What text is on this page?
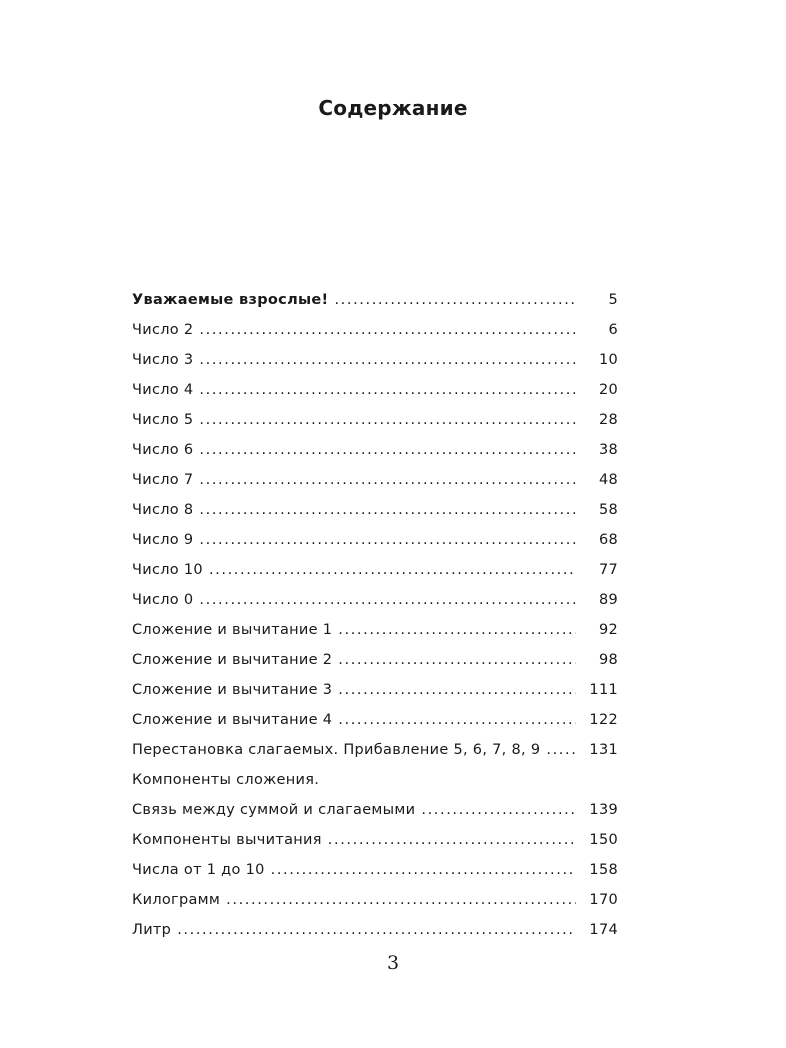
Содержание
Уважаемые взрослые! .....	5
Число 2 .....	6
Число 3 .....	10
Число 4 .....	20
Число 5 .....	28
Число 6 .....	38
Число 7 .....	48
Число 8 .....	58
Число 9 .....	68
Число 10 .....	77
Число 0 .....	89
Сложение и вычитание 1 .....	92
Сложение и вычитание 2 .....	98
Сложение и вычитание 3 .....	111
Сложение и вычитание 4 .....	122
Перестановка слагаемых. Прибавление 5, 6, 7, 8, 9 .....	131
Компоненты сложения.
Связь между суммой и слагаемыми .....	139
Компоненты вычитания .....	150
Числа от 1 до 10 .....	158
Килограмм .....	170
Литр .....	174
3
